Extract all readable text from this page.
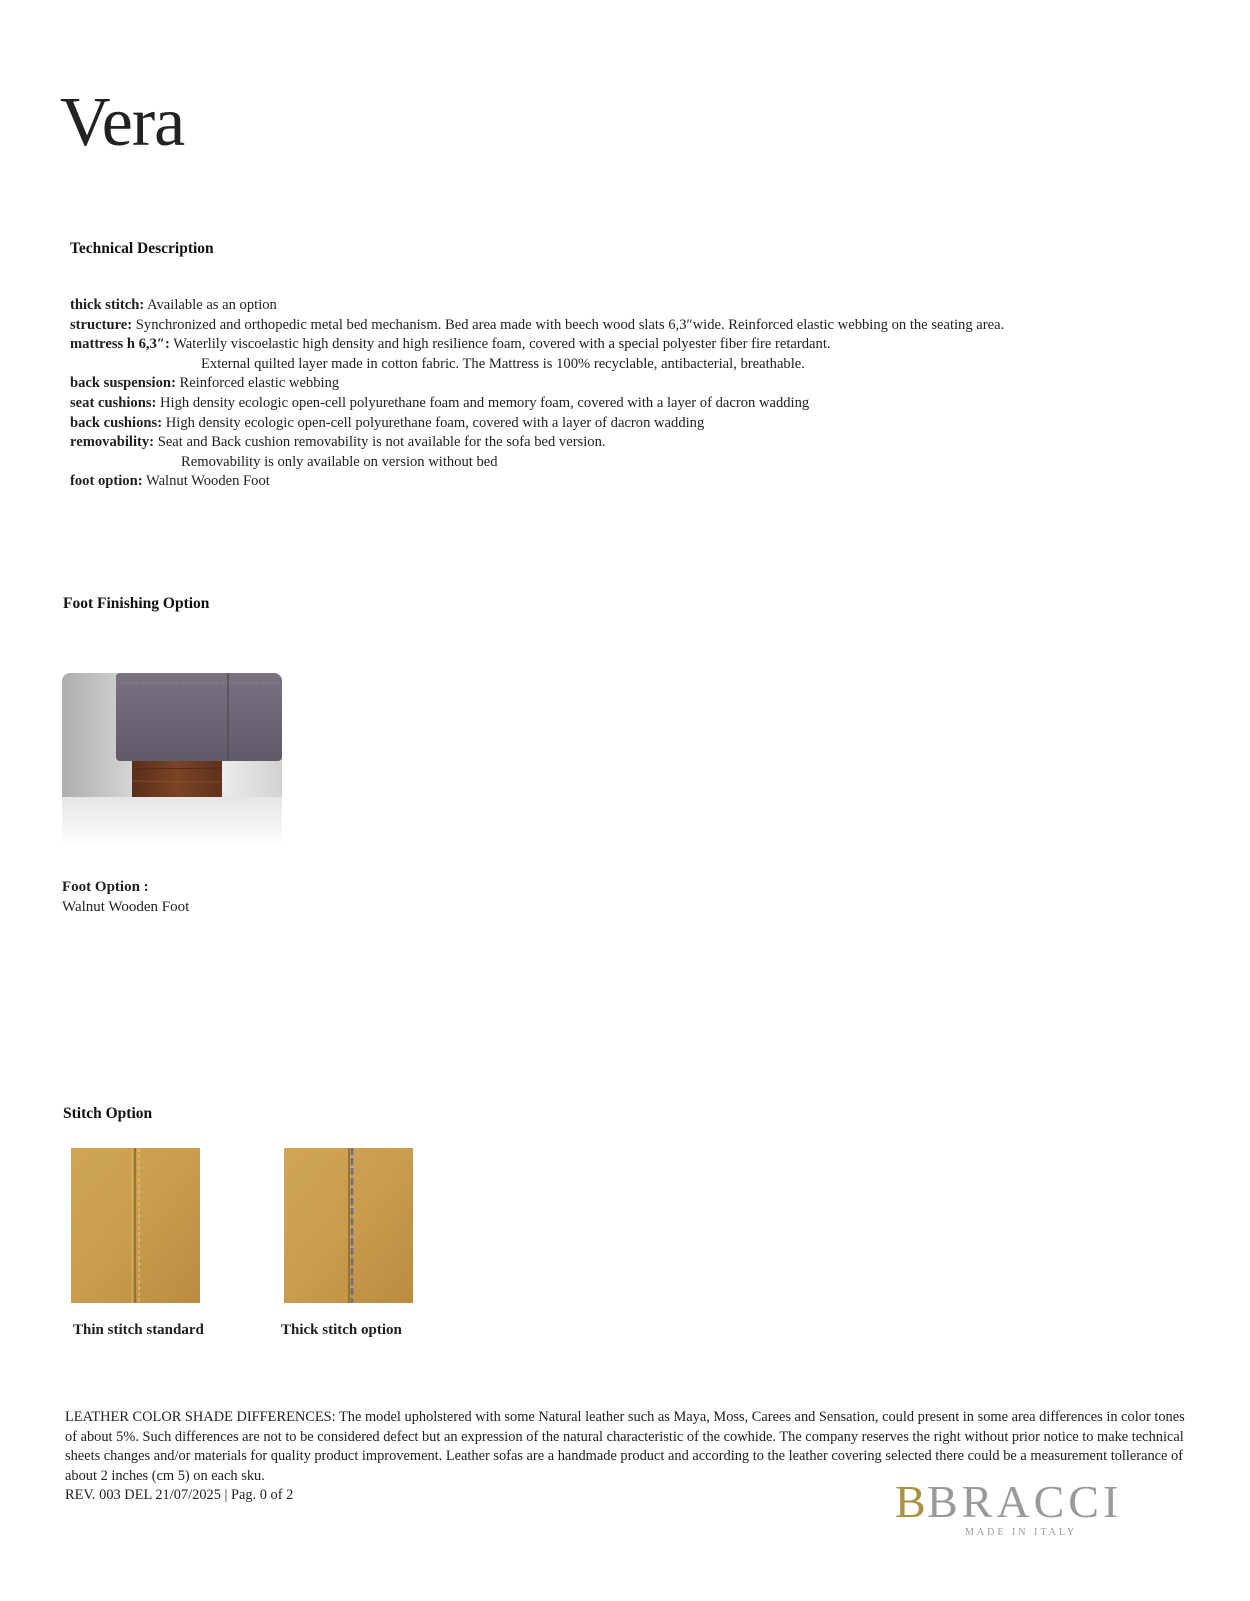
Vera
Technical Description
thick stitch: Available as an option
structure: Synchronized and orthopedic metal bed mechanism. Bed area made with beech wood slats 6,3″wide. Reinforced elastic webbing on the seating area.
mattress h 6,3″: Waterlily viscoelastic high density and high resilience foam, covered with a special polyester fiber fire retardant.
External quilted layer made in cotton fabric. The Mattress is 100% recyclable, antibacterial, breathable.
back suspension: Reinforced elastic webbing
seat cushions: High density ecologic open-cell polyurethane foam and memory foam, covered with a layer of dacron wadding
back cushions: High density ecologic open-cell polyurethane foam, covered with a layer of dacron wadding
removability: Seat and Back cushion removability is not available for the sofa bed version.
Removability is only available on version without bed
foot option: Walnut Wooden Foot
Foot Finishing Option
Foot Option :
Walnut Wooden Foot
Stitch Option
Thin stitch standard	Thick stitch option
LEATHER COLOR SHADE DIFFERENCES: The model upholstered with some Natural leather such as Maya, Moss, Carees and Sensation, could present in some area differences in color tones of about 5%. Such differences are not to be considered defect but an expression of the natural characteristic of the cowhide. The company reserves the right without prior notice to make technical sheets changes and/or materials for quality product improvement. Leather sofas are a handmade product and according to the leather covering selected there could be a measurement tollerance of about 2 inches (cm 5) on each sku.
REV. 003 DEL 21/07/2025 | Pag. 0 of 2	B BRACCI
MADE IN ITALY
